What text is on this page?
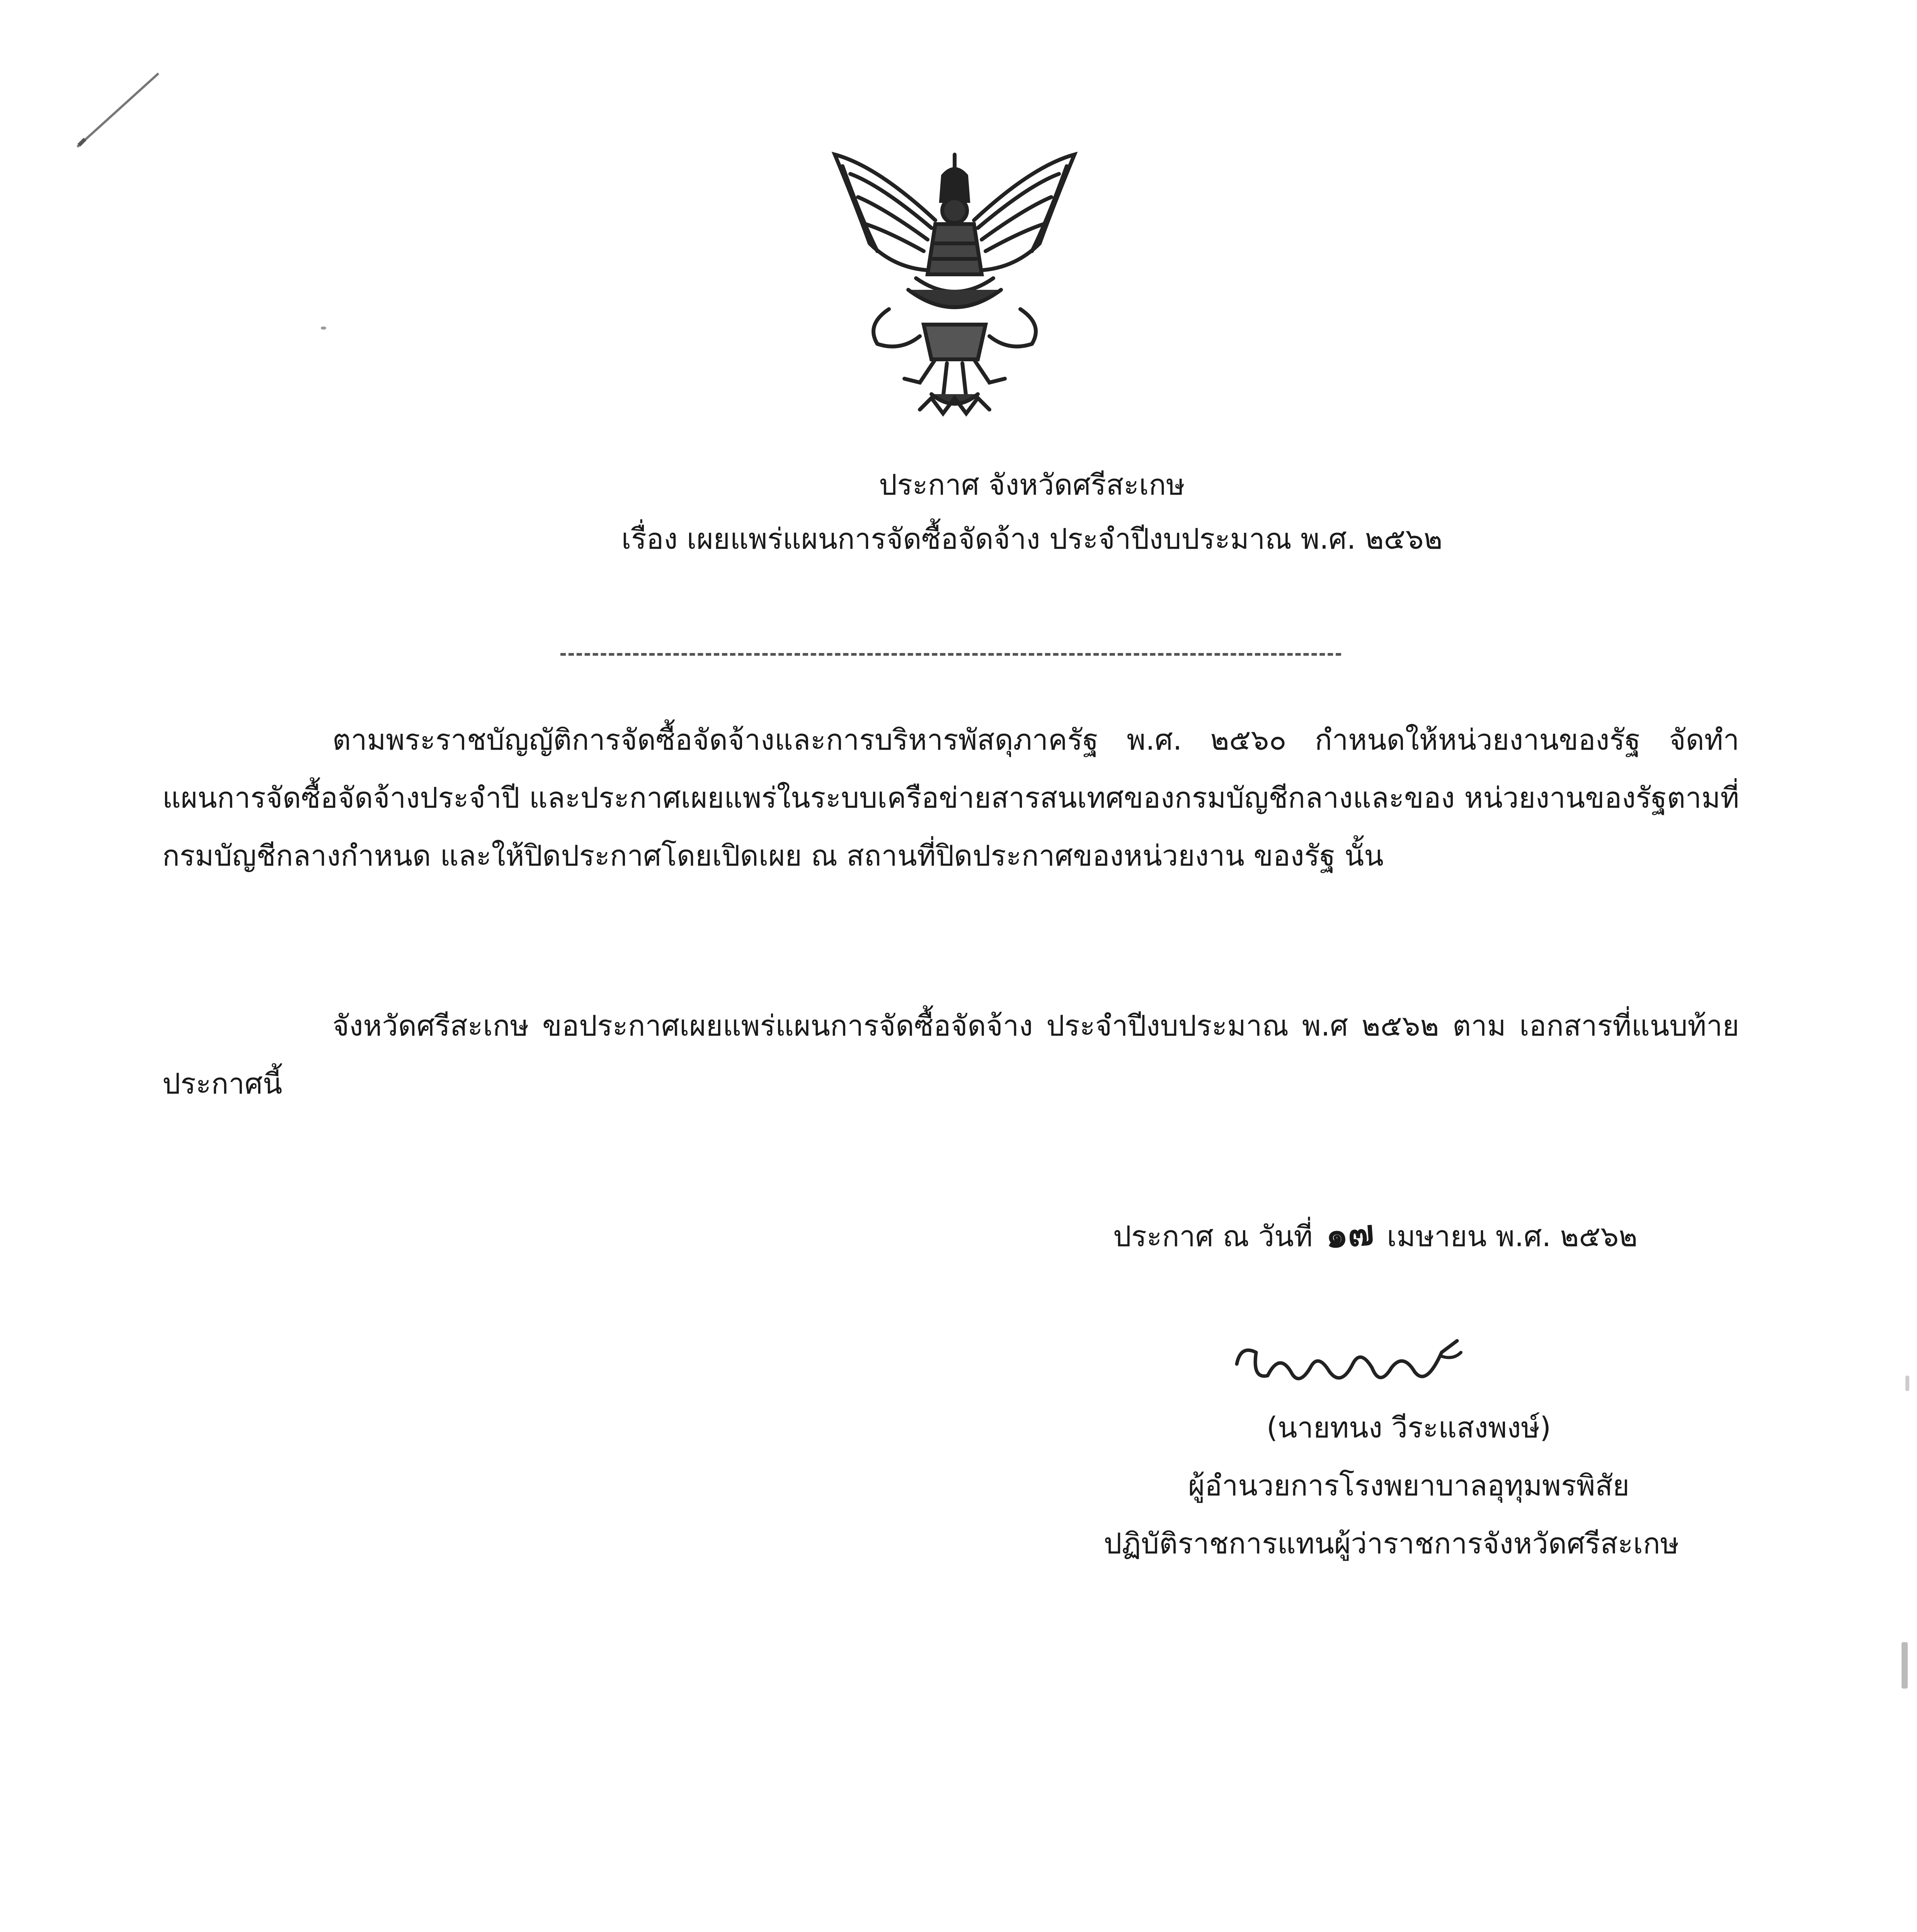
ประกาศ จังหวัดศรีสะเกษ
เรื่อง เผยแพร่แผนการจัดซื้อจัดจ้าง ประจำปีงบประมาณ พ.ศ. ๒๕๖๒
ตามพระราชบัญญัติการจัดซื้อจัดจ้างและการบริหารพัสดุภาครัฐ พ.ศ. ๒๕๖๐ กำหนดให้หน่วยงานของรัฐ จัดทำแผนการจัดซื้อจัดจ้างประจำปี และประกาศเผยแพร่ในระบบเครือข่ายสารสนเทศของกรมบัญชีกลางและของ หน่วยงานของรัฐตามที่กรมบัญชีกลางกำหนด และให้ปิดประกาศโดยเปิดเผย ณ สถานที่ปิดประกาศของหน่วยงาน ของรัฐ นั้น
จังหวัดศรีสะเกษ ขอประกาศเผยแพร่แผนการจัดซื้อจัดจ้าง ประจำปีงบประมาณ พ.ศ ๒๕๖๒ ตาม เอกสารที่แนบท้ายประกาศนี้
ประกาศ ณ วันที่ ๑๗ เมษายน พ.ศ. ๒๕๖๒
(นายทนง วีระแสงพงษ์)
ผู้อำนวยการโรงพยาบาลอุทุมพรพิสัย
ปฏิบัติราชการแทนผู้ว่าราชการจังหวัดศรีสะเกษ
